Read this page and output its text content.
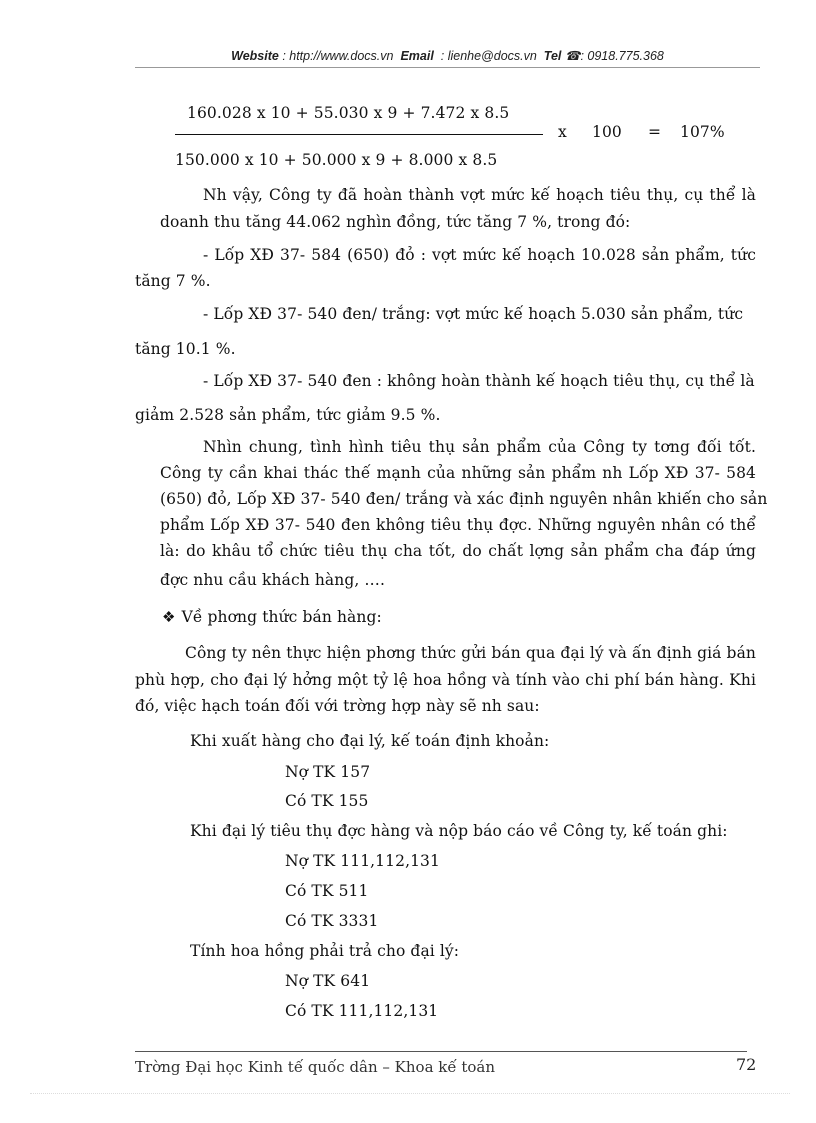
Website : http://www.docs.vn Email : lienhe@docs.vn Tel ☎: 0918.775.368
160.028 x 10 + 55.030 x 9 + 7.472 x 8.5
x 100 = 107%
150.000 x 10 + 50.000 x 9 + 8.000 x 8.5
Nh vậy, Công ty đã hoàn thành vợt mức kế hoạch tiêu thụ, cụ thể là
doanh thu tăng 44.062 nghìn đồng, tức tăng 7 %, trong đó:
- Lốp XĐ 37- 584 (650) đỏ : vợt mức kế hoạch 10.028 sản phẩm, tức
tăng 7 %.
- Lốp XĐ 37- 540 đen/ trắng: vợt mức kế hoạch 5.030 sản phẩm, tức
tăng 10.1 %.
- Lốp XĐ 37- 540 đen : không hoàn thành kế hoạch tiêu thụ, cụ thể là
giảm 2.528 sản phẩm, tức giảm 9.5 %.
Nhìn chung, tình hình tiêu thụ sản phẩm của Công ty tơng đối tốt.
Công ty cần khai thác thế mạnh của những sản phẩm nh Lốp XĐ 37- 584
(650) đỏ, Lốp XĐ 37- 540 đen/ trắng và xác định nguyên nhân khiến cho sản
phẩm Lốp XĐ 37- 540 đen không tiêu thụ đợc. Những nguyên nhân có thể
là: do khâu tổ chức tiêu thụ cha tốt, do chất lợng sản phẩm cha đáp ứng
đợc nhu cầu khách hàng, ….
❖ Về phơng thức bán hàng:
Công ty nên thực hiện phơng thức gửi bán qua đại lý và ấn định giá bán
phù hợp, cho đại lý hởng một tỷ lệ hoa hồng và tính vào chi phí bán hàng. Khi
đó, việc hạch toán đối với trờng hợp này sẽ nh sau:
Khi xuất hàng cho đại lý, kế toán định khoản:
Nợ TK 157
Có TK 155
Khi đại lý tiêu thụ đợc hàng và nộp báo cáo về Công ty, kế toán ghi:
Nợ TK 111,112,131
Có TK 511
Có TK 3331
Tính hoa hồng phải trả cho đại lý:
Nợ TK 641
Có TK 111,112,131
Trờng Đại học Kinh tế quốc dân – Khoa kế toán	72
